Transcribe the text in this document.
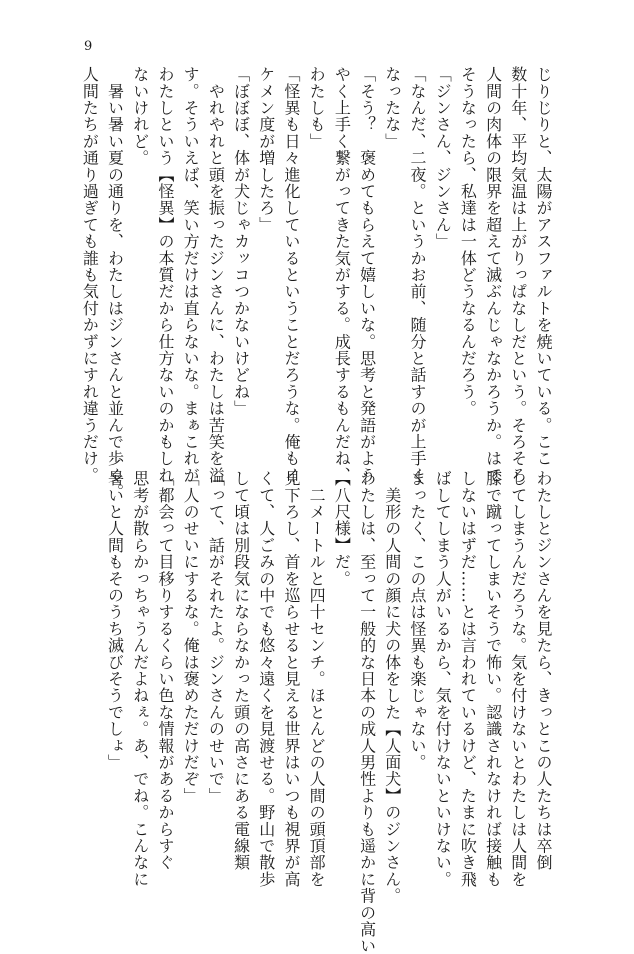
9
じりじりと、太陽がアスファルトを焼いている。ここ
数十年、平均気温は上がりっぱなしだという。そろそろ
人間の肉体の限界を超えて滅ぶんじゃなかろうか。はて
そうなったら、私達は一体どうなるんだろう。
「ジンさん、ジンさん」
「なんだ、二夜。というかお前、随分と話すのが上手く
なったな」
「そう？　褒めてもらえて嬉しいな。思考と発語がよう
やく上手く繋がってきた気がする。成長するもんだね、
わたしも」
「怪異も日々進化しているということだろうな。俺もイ
ケメン度が増したろ」
「ぼぼぼ、体が犬じゃカッコつかないけどね」
　やれやれと頭を振ったジンさんに、わたしは苦笑を溢
す。そういえば、笑い方だけは直らないな。まぁこれが
わたしという【怪異】の本質だから仕方ないのかもしれ
ないけれど。
　暑い暑い夏の通りを、わたしはジンさんと並んで歩く。
人間たちが通り過ぎても誰も気付かずにすれ違うだけ。
わたしとジンさんを見たら、きっとこの人たちは卒倒
してしまうんだろうな。気を付けないとわたしは人間を
膝で蹴ってしまいそうで怖い。認識されなければ接触も
しないはずだ……とは言われているけど、たまに吹き飛
ばしてしまう人がいるから、気を付けないといけない。
まったく、この点は怪異も楽じゃない。
　美形の人間の顔に犬の体をした【人面犬】のジンさん。
わたしは、至って一般的な日本の成人男性よりも遥かに背の高い
【八尺様】だ。
　二メートルと四十センチ。ほとんどの人間の頭頂部を
見下ろし、首を巡らせると見える世界はいつも視界が高
くて、人ごみの中でも悠々遠くを見渡せる。野山で散歩
して頃は別段気にならなかった頭の高さにある電線類
「って、話がそれたよ。ジンさんのせいで」
「人のせいにするな。俺は褒めただけだぞ」
「都会って目移りするくらい色な情報があるからすぐ
思考が散らかっちゃうんだよねぇ。あ、でね。こんなに
暑いと人間もそのうち滅びそうでしょ」
